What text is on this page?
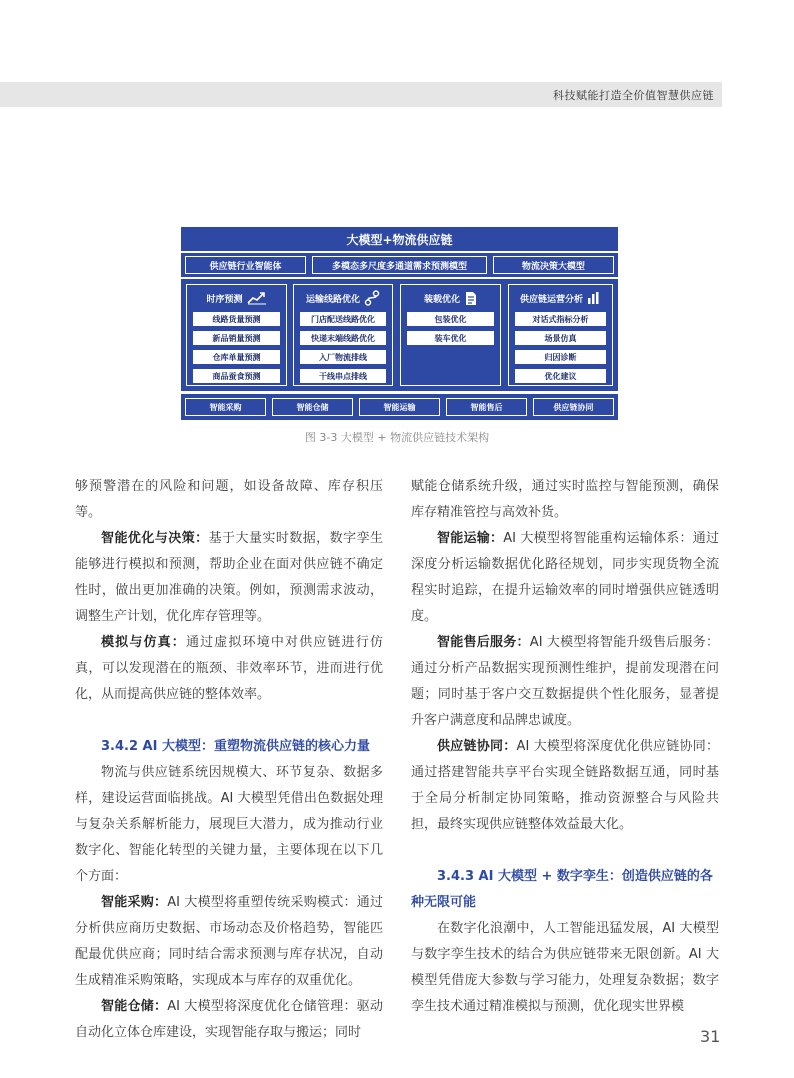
科技赋能打造全价值智慧供应链
大模型+物流供应链
供应链行业智能体	多模态多尺度多通道需求预测模型	物流决策大模型
时序预测
线路货量预测
新品销量预测
仓库单量预测
商品蚕食预测
运输线路优化
门店配送线路优化
快递末端线路优化
入厂物流排线
干线串点排线
装载优化
包装优化
装车优化
供应链运营分析
对话式指标分析
场景仿真
归因诊断
优化建议
智能采购	智能仓储	智能运输	智能售后	供应链协同
图 3-3 大模型 + 物流供应链技术架构

够预警潜在的风险和问题，如设备故障、库存积压等。

智能优化与决策：基于大量实时数据，数字孪生能够进行模拟和预测，帮助企业在面对供应链不确定性时，做出更加准确的决策。例如，预测需求波动，调整生产计划，优化库存管理等。

模拟与仿真：通过虚拟环境中对供应链进行仿真，可以发现潜在的瓶颈、非效率环节，进而进行优化，从而提高供应链的整体效率。

3.4.2 AI 大模型：重塑物流供应链的核心力量

物流与供应链系统因规模大、环节复杂、数据多样，建设运营面临挑战。AI 大模型凭借出色数据处理与复杂关系解析能力，展现巨大潜力，成为推动行业数字化、智能化转型的关键力量，主要体现在以下几个方面：

智能采购：AI 大模型将重塑传统采购模式：通过分析供应商历史数据、市场动态及价格趋势，智能匹配最优供应商；同时结合需求预测与库存状况，自动生成精准采购策略，实现成本与库存的双重优化。

智能仓储：AI 大模型将深度优化仓储管理：驱动自动化立体仓库建设，实现智能存取与搬运；同时

赋能仓储系统升级，通过实时监控与智能预测，确保库存精准管控与高效补货。

智能运输：AI 大模型将智能重构运输体系：通过深度分析运输数据优化路径规划，同步实现货物全流程实时追踪，在提升运输效率的同时增强供应链透明度。

智能售后服务：AI 大模型将智能升级售后服务：通过分析产品数据实现预测性维护，提前发现潜在问题；同时基于客户交互数据提供个性化服务，显著提升客户满意度和品牌忠诚度。

供应链协同：AI 大模型将深度优化供应链协同：通过搭建智能共享平台实现全链路数据互通，同时基于全局分析制定协同策略，推动资源整合与风险共担，最终实现供应链整体效益最大化。

3.4.3 AI 大模型 + 数字孪生：创造供应链的各种无限可能

在数字化浪潮中，人工智能迅猛发展，AI 大模型与数字孪生技术的结合为供应链带来无限创新。AI 大模型凭借庞大参数与学习能力，处理复杂数据；数字孪生技术通过精准模拟与预测，优化现实世界模

31
